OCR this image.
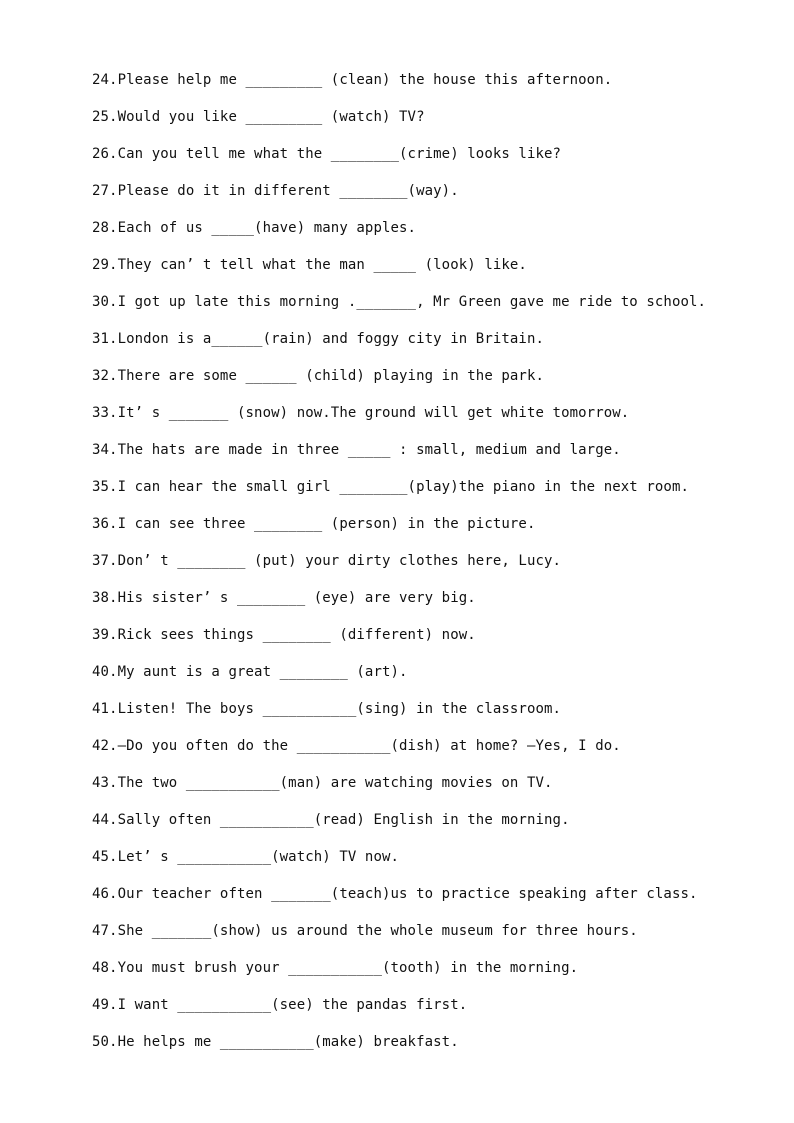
24.Please help me _________ (clean) the house this afternoon.
25.Would you like _________ (watch) TV?
26.Can you tell me what the ________(crime) looks like?
27.Please do it in different ________(way).
28.Each of us _____(have) many apples.
29.They can’ t tell what the man _____ (look) like.
30.I got up late this morning ._______, Mr Green gave me ride to school.
31.London is a______(rain) and foggy city in Britain.
32.There are some ______ (child) playing in the park.
33.It’ s _______ (snow) now.The ground will get white tomorrow.
34.The hats are made in three _____ : small, medium and large.
35.I can hear the small girl ________(play)the piano in the next room.
36.I can see three ________ (person) in the picture.
37.Don’ t ________ (put) your dirty clothes here, Lucy.
38.His sister’ s ________ (eye) are very big.
39.Rick sees things ________ (different) now.
40.My aunt is a great ________ (art).
41.Listen! The boys ___________(sing) in the classroom.
42.—Do you often do the ___________(dish) at home? —Yes, I do.
43.The two ___________(man) are watching movies on TV.
44.Sally often ___________(read) English in the morning.
45.Let’ s ___________(watch) TV now.
46.Our teacher often _______(teach)us to practice speaking after class.
47.She _______(show) us around the whole museum for three hours.
48.You must brush your ___________(tooth) in the morning.
49.I want ___________(see) the pandas first.
50.He helps me ___________(make) breakfast.
